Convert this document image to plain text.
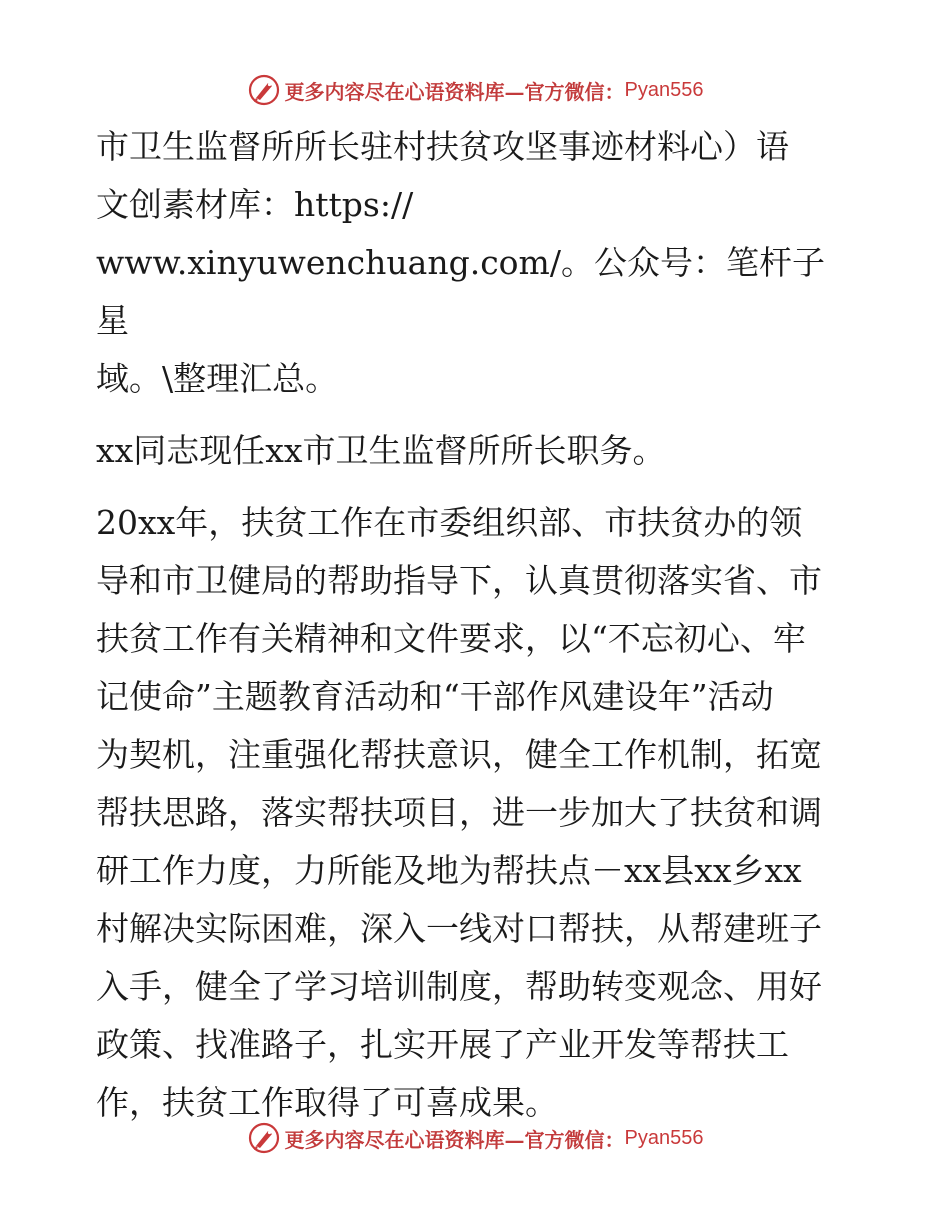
更多内容尽在心语资料库—官方微信： Pyan556

市卫生监督所所长驻村扶贫攻坚事迹材料心）语
文创素材库：https://
www.xinyuwenchuang.com/。公众号：笔杆子星
域。\整理汇总。

xx同志现任xx市卫生监督所所长职务。

20xx年，扶贫工作在市委组织部、市扶贫办的领
导和市卫健局的帮助指导下，认真贯彻落实省、市
扶贫工作有关精神和文件要求，以“不忘初心、牢
记使命”主题教育活动和“干部作风建设年”活动
为契机，注重强化帮扶意识，健全工作机制，拓宽
帮扶思路，落实帮扶项目，进一步加大了扶贫和调
研工作力度，力所能及地为帮扶点－xx县xx乡xx
村解决实际困难，深入一线对口帮扶，从帮建班子
入手，健全了学习培训制度，帮助转变观念、用好
政策、找准路子，扎实开展了产业开发等帮扶工
作，扶贫工作取得了可喜成果。

更多内容尽在心语资料库—官方微信： Pyan556
